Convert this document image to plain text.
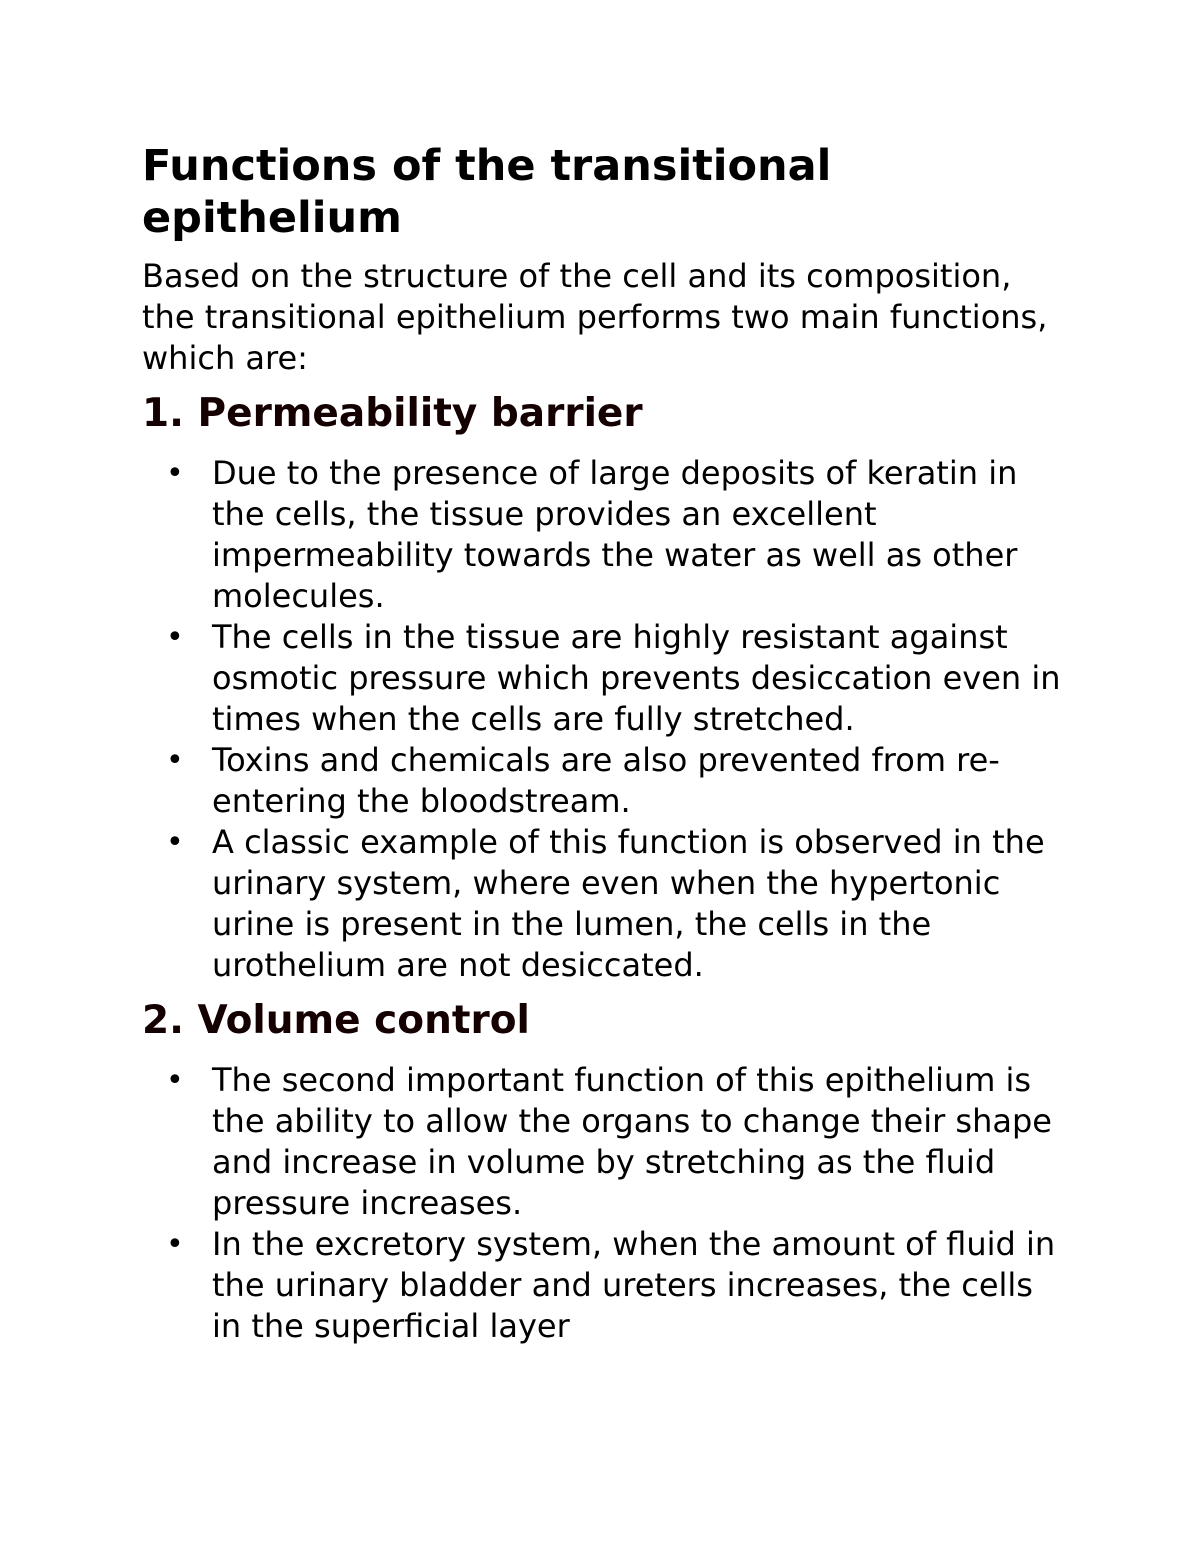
Functions of the transitional epithelium

Based on the structure of the cell and its composition, the transitional epithelium performs two main functions, which are:

1. Permeability barrier
• Due to the presence of large deposits of keratin in the cells, the tissue provides an excellent impermeability towards the water as well as other molecules.
• The cells in the tissue are highly resistant against osmotic pressure which prevents desiccation even in times when the cells are fully stretched.
• Toxins and chemicals are also prevented from re-entering the bloodstream.
• A classic example of this function is observed in the urinary system, where even when the hypertonic urine is present in the lumen, the cells in the urothelium are not desiccated.
2. Volume control
• The second important function of this epithelium is the ability to allow the organs to change their shape and increase in volume by stretching as the fluid pressure increases.
• In the excretory system, when the amount of fluid in the urinary bladder and ureters increases, the cells in the superficial layer
